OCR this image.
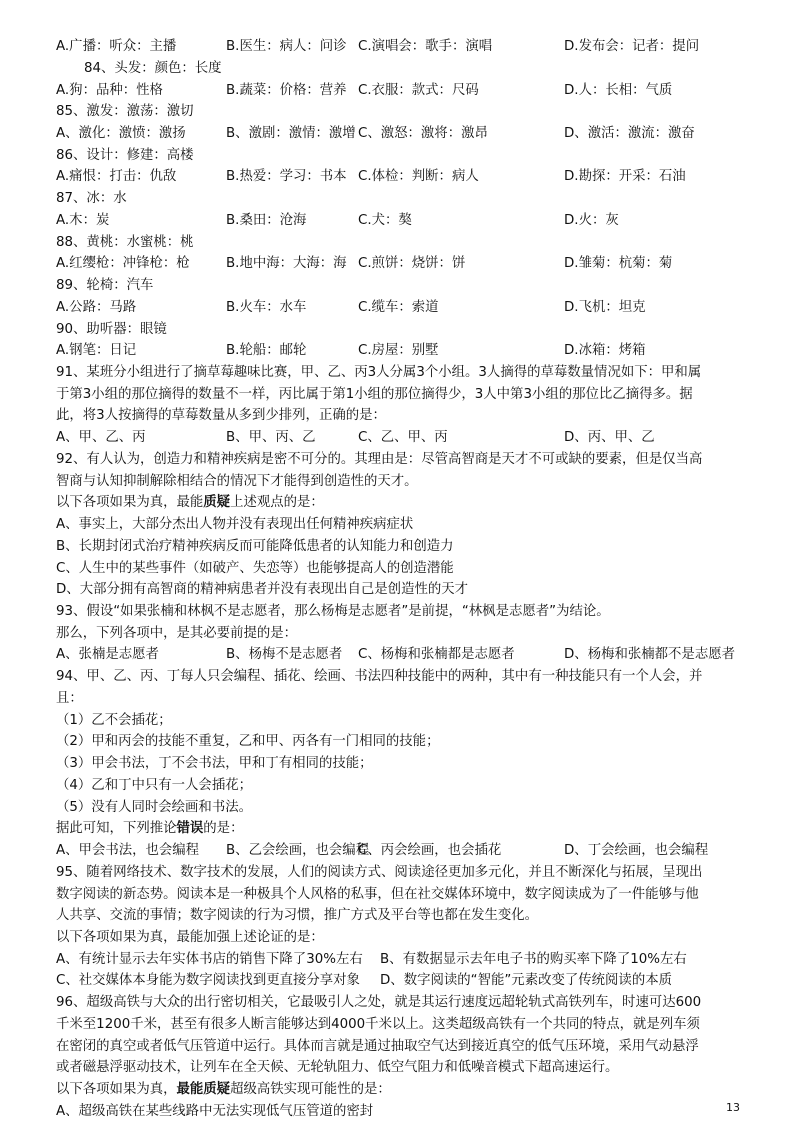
A.广播：听众：主播	B.医生：病人：问诊 C.演唱会：歌手：演唱	D.发布会：记者：提问
84、头发：颜色：长度
A.狗：品种：性格	B.蔬菜：价格：营养 C.衣服：款式：尺码	D.人：长相：气质
85、激发：激荡：激切
A、激化：激愤：激扬	B、激剧：激情：激增 C、激怒：激将：激昂	D、激活：激流：激奋
86、设计：修建：高楼
A.痛恨：打击：仇敌	B.热爱：学习：书本 C.体检：判断：病人	D.勘探：开采：石油
87、冰：水
A.木：炭	B.桑田：沧海	C.犬：獒	D.火：灰
88、黄桃：水蜜桃：桃
A.红缨枪：冲锋枪：枪	B.地中海：大海：海 C.煎饼：烧饼：饼	D.雏菊：杭菊：菊
89、轮椅：汽车
A.公路：马路	B.火车：水车	C.缆车：索道	D.飞机：坦克
90、助听器：眼镜
A.钢笔：日记	B.轮船：邮轮	C.房屋：别墅	D.冰箱：烤箱
91、某班分小组进行了摘草莓趣味比赛，甲、乙、丙3人分属3个小组。3人摘得的草莓数量情况如下：甲和属
于第3小组的那位摘得的数量不一样，丙比属于第1小组的那位摘得少，3人中第3小组的那位比乙摘得多。据
此，将3人按摘得的草莓数量从多到少排列，正确的是：
A、甲、乙、丙	B、甲、丙、乙	C、乙、甲、丙	D、丙、甲、乙
92、有人认为，创造力和精神疾病是密不可分的。其理由是：尽管高智商是天才不可或缺的要素，但是仅当高
智商与认知抑制解除相结合的情况下才能得到创造性的天才。
以下各项如果为真，最能质疑上述观点的是：
A、事实上，大部分杰出人物并没有表现出任何精神疾病症状
B、长期封闭式治疗精神疾病反而可能降低患者的认知能力和创造力
C、人生中的某些事件（如破产、失恋等）也能够提高人的创造潜能
D、大部分拥有高智商的精神病患者并没有表现出自己是创造性的天才
93、假设“如果张楠和林枫不是志愿者，那么杨梅是志愿者”是前提，“林枫是志愿者”为结论。
那么，下列各项中，是其必要前提的是：
A、张楠是志愿者	B、杨梅不是志愿者 C、杨梅和张楠都是志愿者	D、杨梅和张楠都不是志愿者
94、甲、乙、丙、丁每人只会编程、插花、绘画、书法四种技能中的两种，其中有一种技能只有一个人会，并
且：
（1）乙不会插花；
（2）甲和丙会的技能不重复，乙和甲、丙各有一门相同的技能；
（3）甲会书法，丁不会书法，甲和丁有相同的技能；
（4）乙和丁中只有一人会插花；
（5）没有人同时会绘画和书法。
据此可知，下列推论错误的是：
A、甲会书法，也会编程 B、乙会绘画，也会编程
C、丙会绘画，也会插花	D、丁会绘画，也会编程
95、随着网络技术、数字技术的发展，人们的阅读方式、阅读途径更加多元化，并且不断深化与拓展，呈现出
数字阅读的新态势。阅读本是一种极具个人风格的私事，但在社交媒体环境中，数字阅读成为了一件能够与他
人共享、交流的事情；数字阅读的行为习惯，推广方式及平台等也都在发生变化。
以下各项如果为真，最能加强上述论证的是：
A、有统计显示去年实体书店的销售下降了30%左右 B、有数据显示去年电子书的购买率下降了10%左右
C、社交媒体本身能为数字阅读找到更直接分享对象 D、数字阅读的“智能”元素改变了传统阅读的本质
96、超级高铁与大众的出行密切相关，它最吸引人之处，就是其运行速度远超轮轨式高铁列车，时速可达600
千米至1200千米，甚至有很多人断言能够达到4000千米以上。这类超级高铁有一个共同的特点，就是列车须
在密闭的真空或者低气压管道中运行。具体而言就是通过抽取空气达到接近真空的低气压环境，采用气动悬浮
或者磁悬浮驱动技术，让列车在全天候、无轮轨阻力、低空气阻力和低噪音模式下超高速运行。
以下各项如果为真，最能质疑超级高铁实现可能性的是：
A、超级高铁在某些线路中无法实现低气压管道的密封	13
